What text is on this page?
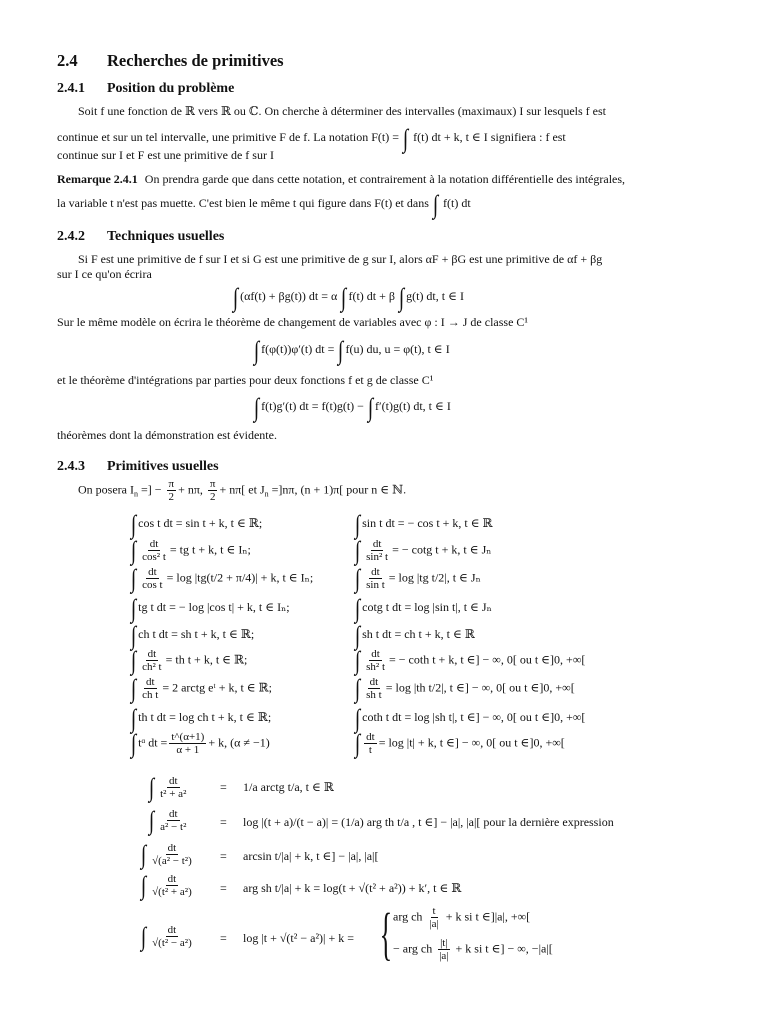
2.4 Recherches de primitives
2.4.1 Position du problème
Soit f une fonction de ℝ vers ℝ ou ℂ. On cherche à déterminer des intervalles (maximaux) I sur lesquels f est
continue et sur un tel intervalle, une primitive F de f. La notation F(t) = ∫ f(t) dt + k, t ∈ I signifiera : f est
continue sur I et F est une primitive de f sur I
Remarque 2.4.1 On prendra garde que dans cette notation, et contrairement à la notation différentielle des intégrales,
la variable t n'est pas muette. C'est bien le même t qui figure dans F(t) et dans ∫ f(t) dt
2.4.2 Techniques usuelles
Si F est une primitive de f sur I et si G est une primitive de g sur I, alors αF + βG est une primitive de αf + βg
sur I ce qu'on écrira
∫ (αf(t) + βg(t)) dt = α ∫ f(t) dt + β ∫ g(t) dt, t ∈ I
Sur le même modèle on écrira le théorème de changement de variables avec φ : I → J de classe C¹
∫ f(φ(t))φ′(t) dt = ∫ f(u) du, u = φ(t), t ∈ I
et le théorème d'intégrations par parties pour deux fonctions f et g de classe C¹
∫ f(t)g′(t) dt = f(t)g(t) − ∫ f′(t)g(t) dt, t ∈ I
théorèmes dont la démonstration est évidente.
2.4.3 Primitives usuelles
On posera $I_n$ =] − $\frac{\pi}{2} + n\pi$, $\frac{\pi}{2} + n\pi$[ et $J_n =]n\pi$, (n + 1)π[ pour n ∈ ℕ.
∫ cos t dt = sin t + k, t ∈ ℝ;
∫ $\frac{dt}{\text{cos² t}}$ = tg t + k, t ∈ Iₙ;
∫ $\frac{dt}{\text{cos t}} = \log |tg(t/2 + \pi/4)| + k$, t ∈ Iₙ;
∫ tg t dt = − log |cos t| + k, t ∈ Iₙ;
∫ ch t dt = sh t + k, t ∈ ℝ;
∫ $\frac{dt}{\text{ch² t}}$ = th t + k, t ∈ ℝ;
∫ $\frac{dt}{\text{ch t}} = 2$ arctg eᵗ + k, t ∈ ℝ;
∫ th t dt = log ch t + k, t ∈ ℝ;
∫ tᵅ dt = $\frac{t\^{}(\alpha+1)}{\alpha + 1} + k$, (α ≠ −1)
∫ sin t dt = − cos t + k, t ∈ ℝ
∫ $\frac{dt}{\text{sin² t}}$ = − cotg t + k, t ∈ Jₙ
∫ $\frac{dt}{\text{sin t}} = \log |tg$ t/2|, t ∈ Jₙ
∫ cotg t dt = log |sin t|, t ∈ Jₙ
∫ sh t dt = ch t + k, t ∈ ℝ
∫ $\frac{dt}{\text{sh² t}}$ = − coth t + k, t ∈] − ∞, 0[ ou t ∈]0, +∞[
∫ $\frac{dt}{\text{sh t}} = \log |th$ t/2|, t ∈] − ∞, 0[ ou t ∈]0, +∞[
∫ coth t dt = log |sh t|, t ∈] − ∞, 0[ ou t ∈]0, +∞[
∫ $\frac{dt}{t} = \log |t| + k$, t ∈] − ∞, 0[ ou t ∈]0, +∞[
∫ $\frac{dt}{\text{t² + a²}}$	= 1/a arctg t/a, t ∈ ℝ
∫ $\frac{dt}{\text{a² − t²}}$	= log |(t + a)/(t − a)| = (1/a) arg th t/a , t ∈] − |a|, |a|[ pour la dernière expression
∫ $\frac{dt}{\text{√(a² − t²)}} = \arcsin t/|a| + k$, t ∈] − |a|, |a|[
∫ $\frac{dt}{\text{√(t² + a²)}}$ = arg sh t/|a| + k = log(t + √(t² + a²)) + k′, t ∈ ℝ
∫ $\frac{dt}{\text{√(t² − a²)}} = \log |t + √(t^2 - a^2)| + k$ = { arg ch $\frac{t}{|a|} + k$ si t ∈]|a|, +∞[
− arg ch $\frac{|t|}{|a|} + k$ si t ∈] − ∞, −|a|[
